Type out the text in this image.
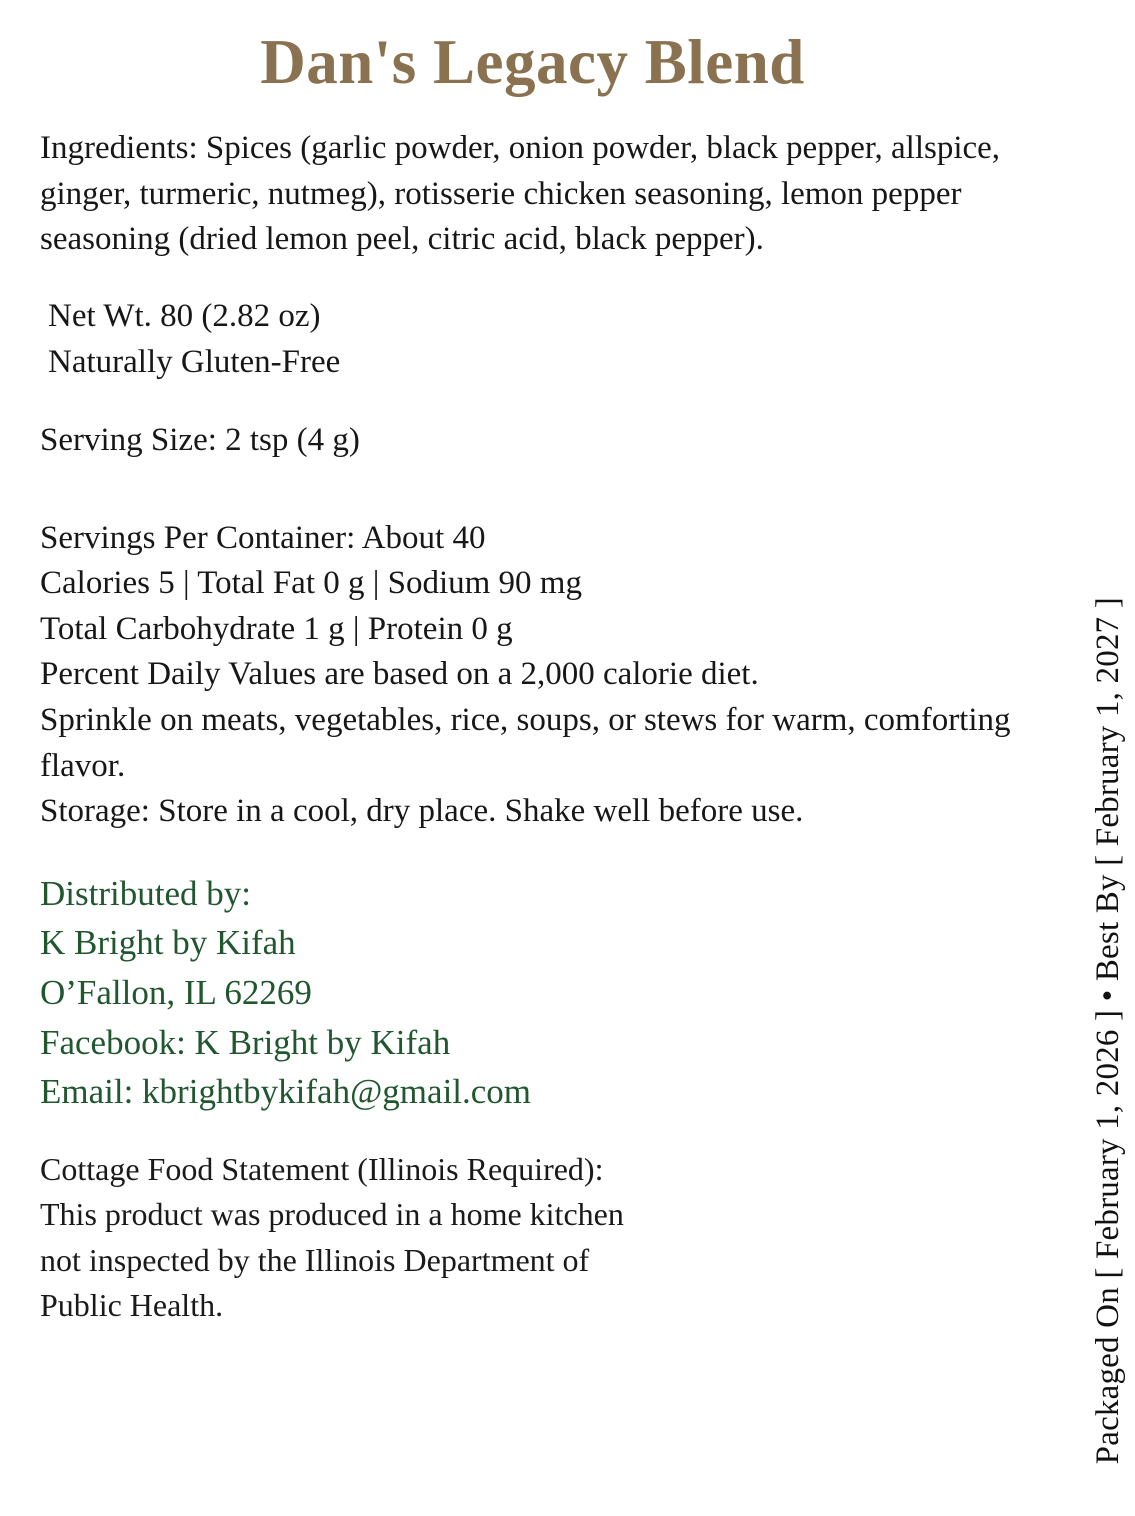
Dan's Legacy Blend
Ingredients: Spices (garlic powder, onion powder, black pepper, allspice, ginger, turmeric, nutmeg), rotisserie chicken seasoning, lemon pepper seasoning (dried lemon peel, citric acid, black pepper).
Net Wt. 80 (2.82 oz)
Naturally Gluten-Free
Serving Size: 2 tsp (4 g)
Servings Per Container: About 40
Calories 5 | Total Fat 0 g | Sodium 90 mg
Total Carbohydrate 1 g | Protein 0 g
Percent Daily Values are based on a 2,000 calorie diet.
Sprinkle on meats, vegetables, rice, soups, or stews for warm, comforting flavor.
Storage: Store in a cool, dry place. Shake well before use.
Distributed by:
K Bright by Kifah
O’Fallon, IL 62269
Facebook: K Bright by Kifah
Email: kbrightbykifah@gmail.com
Cottage Food Statement (Illinois Required):
This product was produced in a home kitchen
not inspected by the Illinois Department of
Public Health.	Packaged On [ February 1, 2026 ] • Best By [ February 1, 2027 ]
